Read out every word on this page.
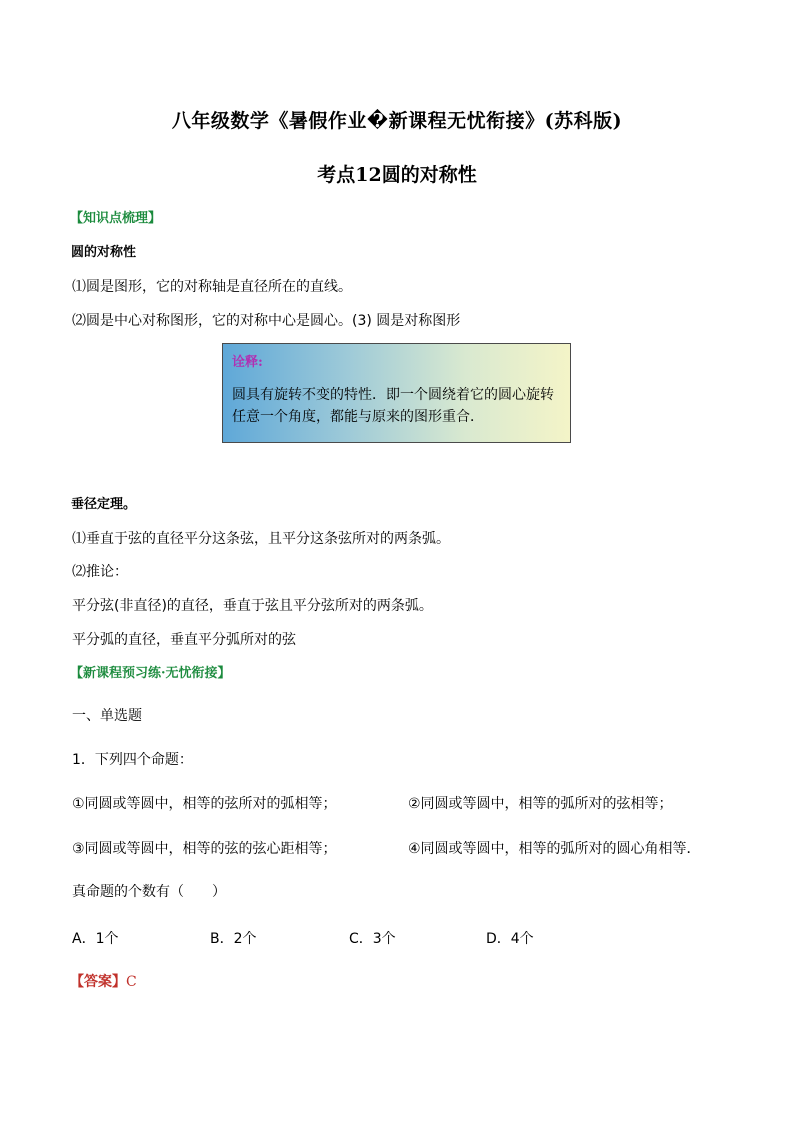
八年级数学《暑假作业�新课程无忧衔接》(苏科版)
考点12圆的对称性
【知识点梳理】
圆的对称性
⑴圆是图形，它的对称轴是直径所在的直线。
⑵圆是中心对称图形，它的对称中心是圆心。(3) 圆是对称图形
诠释:
圆具有旋转不变的特性．即一个圆绕着它的圆心旋转任意一个角度，都能与原来的图形重合．
垂径定理。
⑴垂直于弦的直径平分这条弦，且平分这条弦所对的两条弧。
⑵推论：
平分弦(非直径)的直径，垂直于弦且平分弦所对的两条弧。
平分弧的直径，垂直平分弧所对的弦
【新课程预习练·无忧衔接】
一、单选题
1．下列四个命题：
①同圆或等圆中，相等的弦所对的弧相等；	②同圆或等圆中，相等的弧所对的弦相等；
③同圆或等圆中，相等的弦的弦心距相等；	④同圆或等圆中，相等的弧所对的圆心角相等．
真命题的个数有（　　）
A．1个	B．2个	C．3个	D．4个
【答案】C
